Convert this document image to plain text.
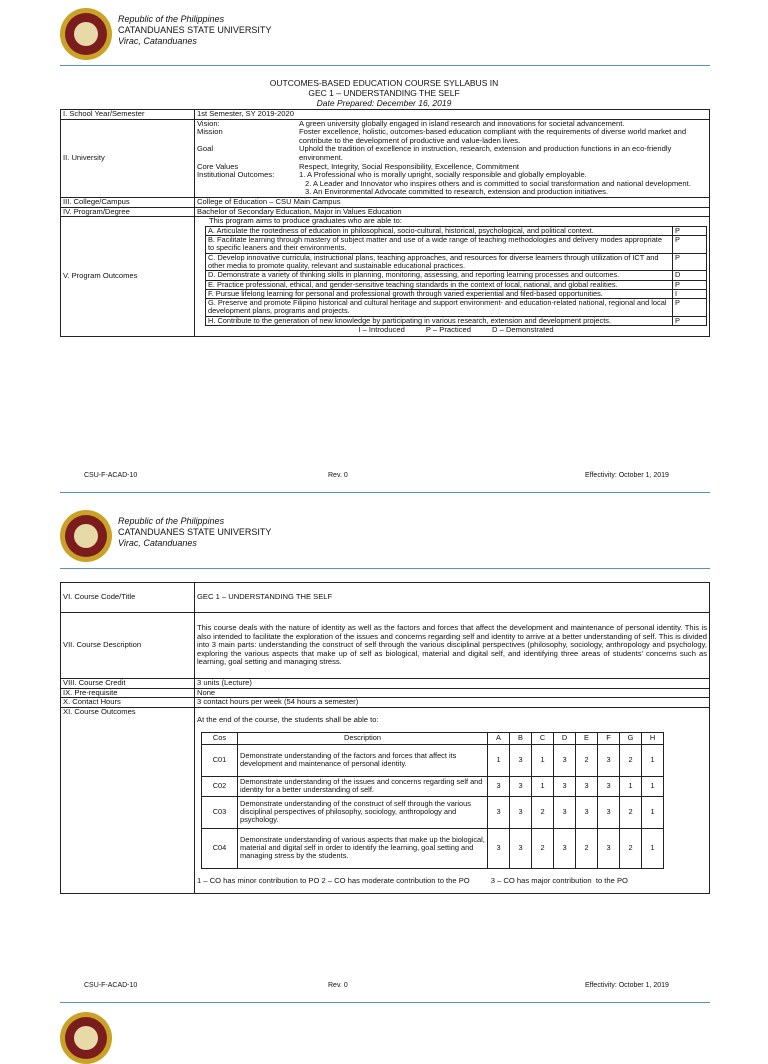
Republic of the Philippines
CATANDUANES STATE UNIVERSITY
Virac, Catanduanes
OUTCOMES-BASED EDUCATION COURSE SYLLABUS IN
GEC 1 – UNDERSTANDING THE SELF
Date Prepared: December 16, 2019
I. School Year/Semester	1st Semester, SY 2019-2020
II. University	
Vision:	A green university globally engaged in island research and innovations for societal advancement.
Mission	Foster excellence, holistic, outcomes-based education compliant with the requirements of diverse world market and contribute to the development of productive and value-laden lives.
Goal	Uphold the tradition of excellence in instruction, research, extension and production functions in an eco-friendly environment.
Core Values	Respect, Integrity, Social Responsibility, Excellence, Commitment
Institutional Outcomes:	1. A Professional who is morally upright, socially responsible and globally employable.
2. A Leader and Innovator who inspires others and is committed to social transformation and national development.
3. An Environmental Advocate committed to research, extension and production initiatives.

III. College/Campus	College of Education – CSU Main Campus
IV. Program/Degree	Bachelor of Secondary Education, Major in Values Education
V. Program Outcomes	
This program aims to produce graduates who are able to:
A. Articulate the rootedness of education in philosophical, socio-cultural, historical, psychological, and political context.	P
B. Facilitate learning through mastery of subject matter and use of a wide range of teaching methodologies and delivery modes appropriate to specific leaners and their environments.	P
C. Develop innovative curricula, instructional plans, teaching approaches, and resources for diverse learners through utilization of ICT and other media to promote quality, relevant and sustainable educational practices.	P
D. Demonstrate a variety of thinking skills in planning, monitoring, assessing, and reporting learning processes and outcomes.	D
E. Practice professional, ethical, and gender-sensitive teaching standards in the context of local, national, and global realities.	P
F. Pursue lifelong learning for personal and professional growth through varied experiential and filed-based opportunities.	I
G. Preserve and promote Filipino historical and cultural heritage and support environment- and education-related national, regional and local development plans, programs and projects.	P
H. Contribute to the generation of new knowledge by participating in various research, extension and development projects.	P
I – Introduced          P – Practiced          D – Demonstrated
CSU-F-ACAD-10	Rev. 0	Effectivity: October 1, 2019
Republic of the Philippines
CATANDUANES STATE UNIVERSITY
Virac, Catanduanes
VI. Course Code/Title	GEC 1 – UNDERSTANDING THE SELF
VII. Course Description	This course deals with the nature of identity as well as the factors and forces that affect the development and maintenance of personal identity. This is also intended to facilitate the exploration of the issues and concerns regarding self and identity to arrive at a better understanding of self. This is divided into 3 main parts: understanding the construct of self through the various disciplinal perspectives (philosophy, sociology, anthropology and psychology, exploring the various aspects that make up of self as biological, material and digital self, and identifying three areas of students' concerns such as learning, goal setting and managing stress.
VIII. Course Credit	3 units (Lecture)
IX. Pre-requisite	None
X. Contact Hours	3 contact hours per week (54 hours a semester)
XI. Course Outcomes	
At the end of the course, the students shall be able to:
Cos	Description	A	B	C	D	E	F	G	H
C01	Demonstrate understanding of the factors and forces that affect its development and maintenance of personal identity.	1	3	1	3	2	3	2	1
C02	Demonstrate understanding of the issues and concerns regarding self and identity for a better understanding of self.	3	3	1	3	3	3	1	1
C03	Demonstrate understanding of the construct of self through the various disciplinal perspectives of philosophy, sociology, anthropology and psychology.	3	3	2	3	3	3	2	1
C04	Demonstrate understanding of various aspects that make up the biological, material and digital self in order to identify the learning, goal setting and managing stress by the students.	3	3	2	3	2	3	2	1
1 – CO has minor contribution to PO 2 – CO has moderate contribution to the PO          3 – CO has major contribution  to the PO
CSU-F-ACAD-10	Rev. 0	Effectivity: October 1, 2019
